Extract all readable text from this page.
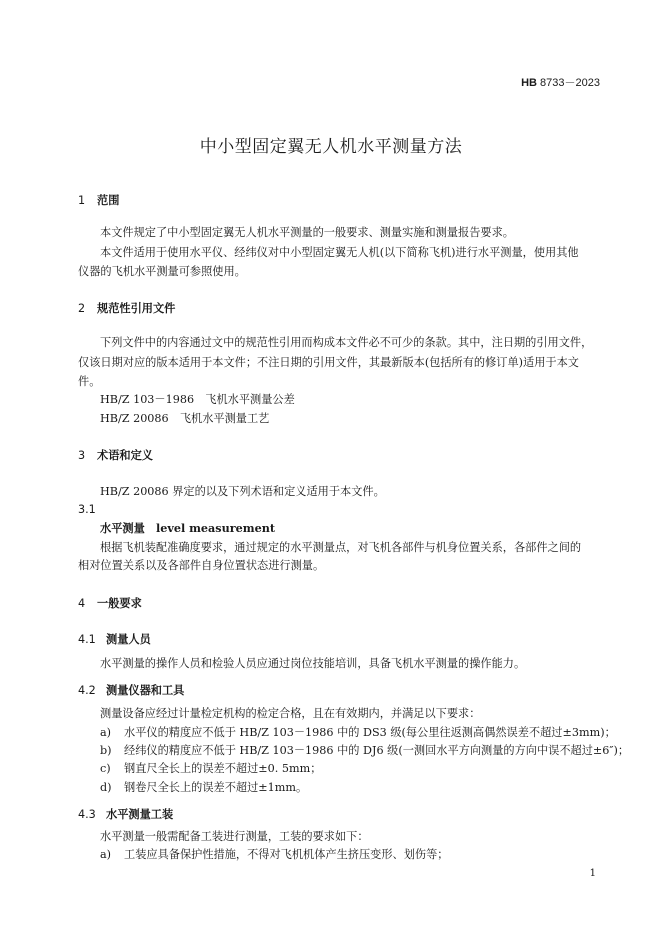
HB 8733－2023
中小型固定翼无人机水平测量方法
1 范围
本文件规定了中小型固定翼无人机水平测量的一般要求、测量实施和测量报告要求。
本文件适用于使用水平仪、经纬仪对中小型固定翼无人机(以下简称飞机)进行水平测量，使用其他
仪器的飞机水平测量可参照使用。
2 规范性引用文件
下列文件中的内容通过文中的规范性引用而构成本文件必不可少的条款。其中，注日期的引用文件，
仅该日期对应的版本适用于本文件；不注日期的引用文件，其最新版本(包括所有的修订单)适用于本文
件。
HB/Z 103－1986　飞机水平测量公差
HB/Z 20086　飞机水平测量工艺
3 术语和定义
HB/Z 20086 界定的以及下列术语和定义适用于本文件。
3.1
水平测量　 level measurement
根据飞机装配准确度要求，通过规定的水平测量点，对飞机各部件与机身位置关系，各部件之间的
相对位置关系以及各部件自身位置状态进行测量。
4 一般要求
4.1 测量人员
水平测量的操作人员和检验人员应通过岗位技能培训，具备飞机水平测量的操作能力。
4.2 测量仪器和工具
测量设备应经过计量检定机构的检定合格，且在有效期内，并满足以下要求：
a) 水平仪的精度应不低于 HB/Z 103－1986 中的 DS3 级(每公里往返测高偶然误差不超过±3mm)；
b) 经纬仪的精度应不低于 HB/Z 103－1986 中的 DJ6 级(一测回水平方向测量的方向中误不超过±6″)；
c) 钢直尺全长上的误差不超过±0. 5mm；
d) 钢卷尺全长上的误差不超过±1mm。
4.3 水平测量工装
水平测量一般需配备工装进行测量，工装的要求如下：
a) 工装应具备保护性措施，不得对飞机机体产生挤压变形、划伤等；
1
